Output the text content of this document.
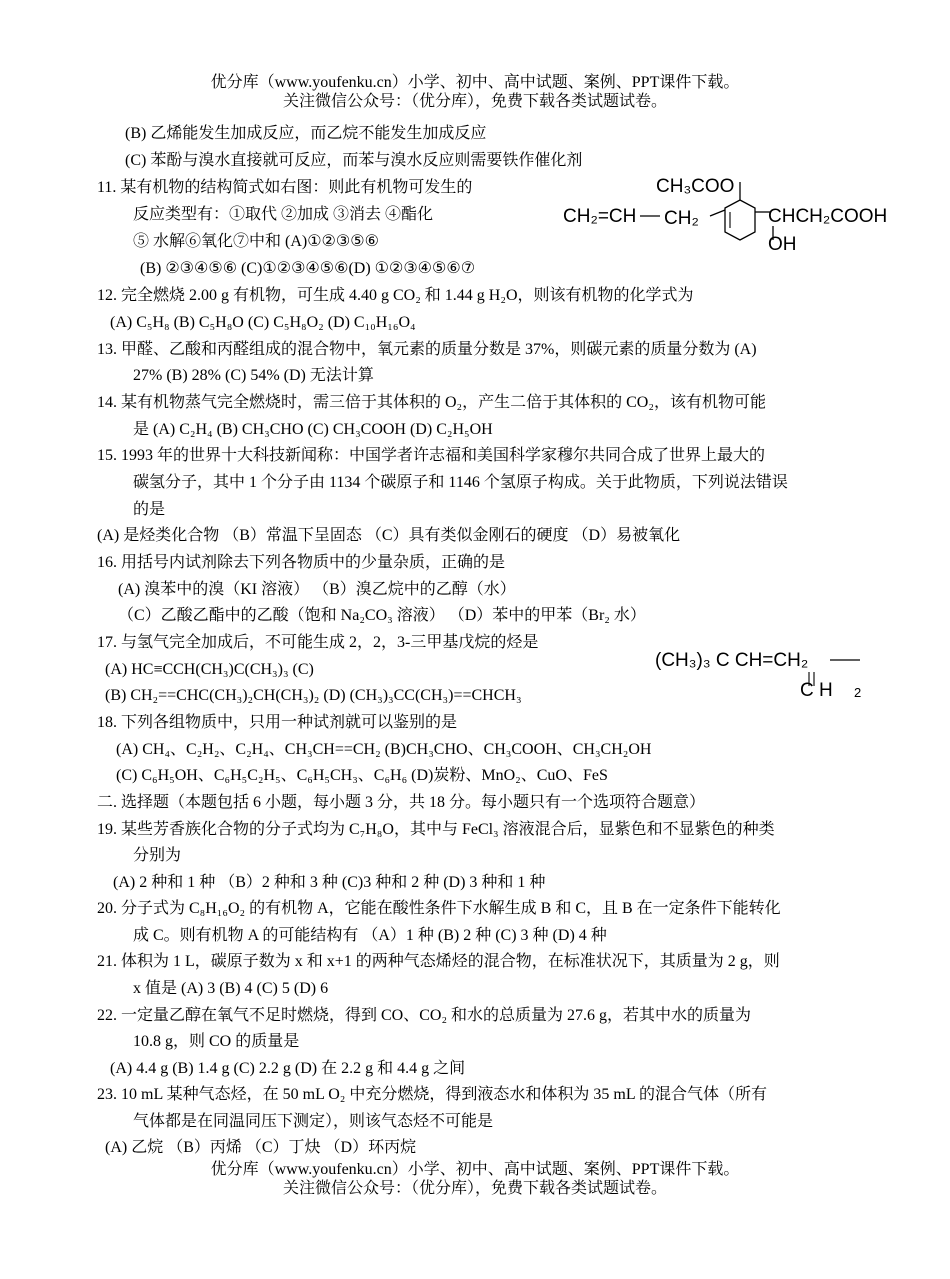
优分库（www.youfenku.cn）小学、初中、高中试题、案例、PPT课件下载。
关注微信公众号：（优分库），免费下载各类试题试卷。
(B) 乙烯能发生加成反应，而乙烷不能发生加成反应
(C) 苯酚与溴水直接就可反应，而苯与溴水反应则需要铁作催化剂
11. 某有机物的结构简式如右图：则此有机物可发生的
反应类型有：①取代 ②加成 ③消去 ④酯化
⑤ 水解⑥氧化⑦中和 (A)①②③⑤⑥
(B) ②③④⑤⑥ (C)①②③④⑤⑥(D) ①②③④⑤⑥⑦
CH₃COO
CH₂=CH CH₂	CHCH₂COOH
OH
12. 完全燃烧 2.00 g 有机物，可生成 4.40 g CO₂ 和 1.44 g H₂O，则该有机物的化学式为
(A) C₅H₈ (B) C₅H₈O (C) C₅H₈O₂ (D) C₁₀H₁₆O₄
13. 甲醛、乙酸和丙醛组成的混合物中，氧元素的质量分数是 37%，则碳元素的质量分数为 (A)
27% (B) 28% (C) 54% (D) 无法计算
14. 某有机物蒸气完全燃烧时，需三倍于其体积的 O₂，产生二倍于其体积的 CO₂，该有机物可能
是 (A) C₂H₄ (B) CH₃CHO (C) CH₃COOH (D) C₂H₅OH
15. 1993 年的世界十大科技新闻称：中国学者许志福和美国科学家穆尔共同合成了世界上最大的
碳氢分子，其中 1 个分子由 1134 个碳原子和 1146 个氢原子构成。关于此物质，下列说法错误
的是
(A) 是烃类化合物 （B）常温下呈固态 （C）具有类似金刚石的硬度 （D）易被氧化
16. 用括号内试剂除去下列各物质中的少量杂质，正确的是
(A) 溴苯中的溴（KI 溶液） （B）溴乙烷中的乙醇（水）
（C）乙酸乙酯中的乙酸（饱和 Na₂CO₃ 溶液） （D）苯中的甲苯（Br₂ 水）
17. 与氢气完全加成后，不可能生成 2，2，3-三甲基戊烷的烃是
(A) HC≡CCH(CH₃)C(CH₃)₃ (C)
(B) CH₂==CHC(CH₃)₂CH(CH₃)₂ (D) (CH₃)₃CC(CH₃)==CHCH₃
(CH₃)₃ C CH=CH₂
C H 2
18. 下列各组物质中，只用一种试剂就可以鉴别的是
(A) CH₄、C₂H₂、C₂H₄、CH₃CH==CH₂ (B)CH₃CHO、CH₃COOH、CH₃CH₂OH
(C) C₆H₅OH、C₆H₅C₂H₅、C₆H₅CH₃、C₆H₆ (D)炭粉、MnO₂、CuO、FeS
二. 选择题（本题包括 6 小题，每小题 3 分，共 18 分。每小题只有一个选项符合题意）
19. 某些芳香族化合物的分子式均为 C₇H₈O，其中与 FeCl₃ 溶液混合后，显紫色和不显紫色的种类
分别为
(A) 2 种和 1 种 （B）2 种和 3 种 (C)3 种和 2 种 (D) 3 种和 1 种
20. 分子式为 C₈H₁₆O₂ 的有机物 A，它能在酸性条件下水解生成 B 和 C，且 B 在一定条件下能转化
成 C。则有机物 A 的可能结构有 （A）1 种 (B) 2 种 (C) 3 种 (D) 4 种
21. 体积为 1 L，碳原子数为 x 和 x+1 的两种气态烯烃的混合物，在标准状况下，其质量为 2 g，则
x 值是 (A) 3 (B) 4 (C) 5 (D) 6
22. 一定量乙醇在氧气不足时燃烧，得到 CO、CO₂ 和水的总质量为 27.6 g，若其中水的质量为
10.8 g，则 CO 的质量是
(A) 4.4 g (B) 1.4 g (C) 2.2 g (D) 在 2.2 g 和 4.4 g 之间
23. 10 mL 某种气态烃，在 50 mL O₂ 中充分燃烧，得到液态水和体积为 35 mL 的混合气体（所有
气体都是在同温同压下测定），则该气态烃不可能是
(A) 乙烷 （B）丙烯 （C）丁炔 （D）环丙烷
优分库（www.youfenku.cn）小学、初中、高中试题、案例、PPT课件下载。
关注微信公众号：（优分库），免费下载各类试题试卷。
